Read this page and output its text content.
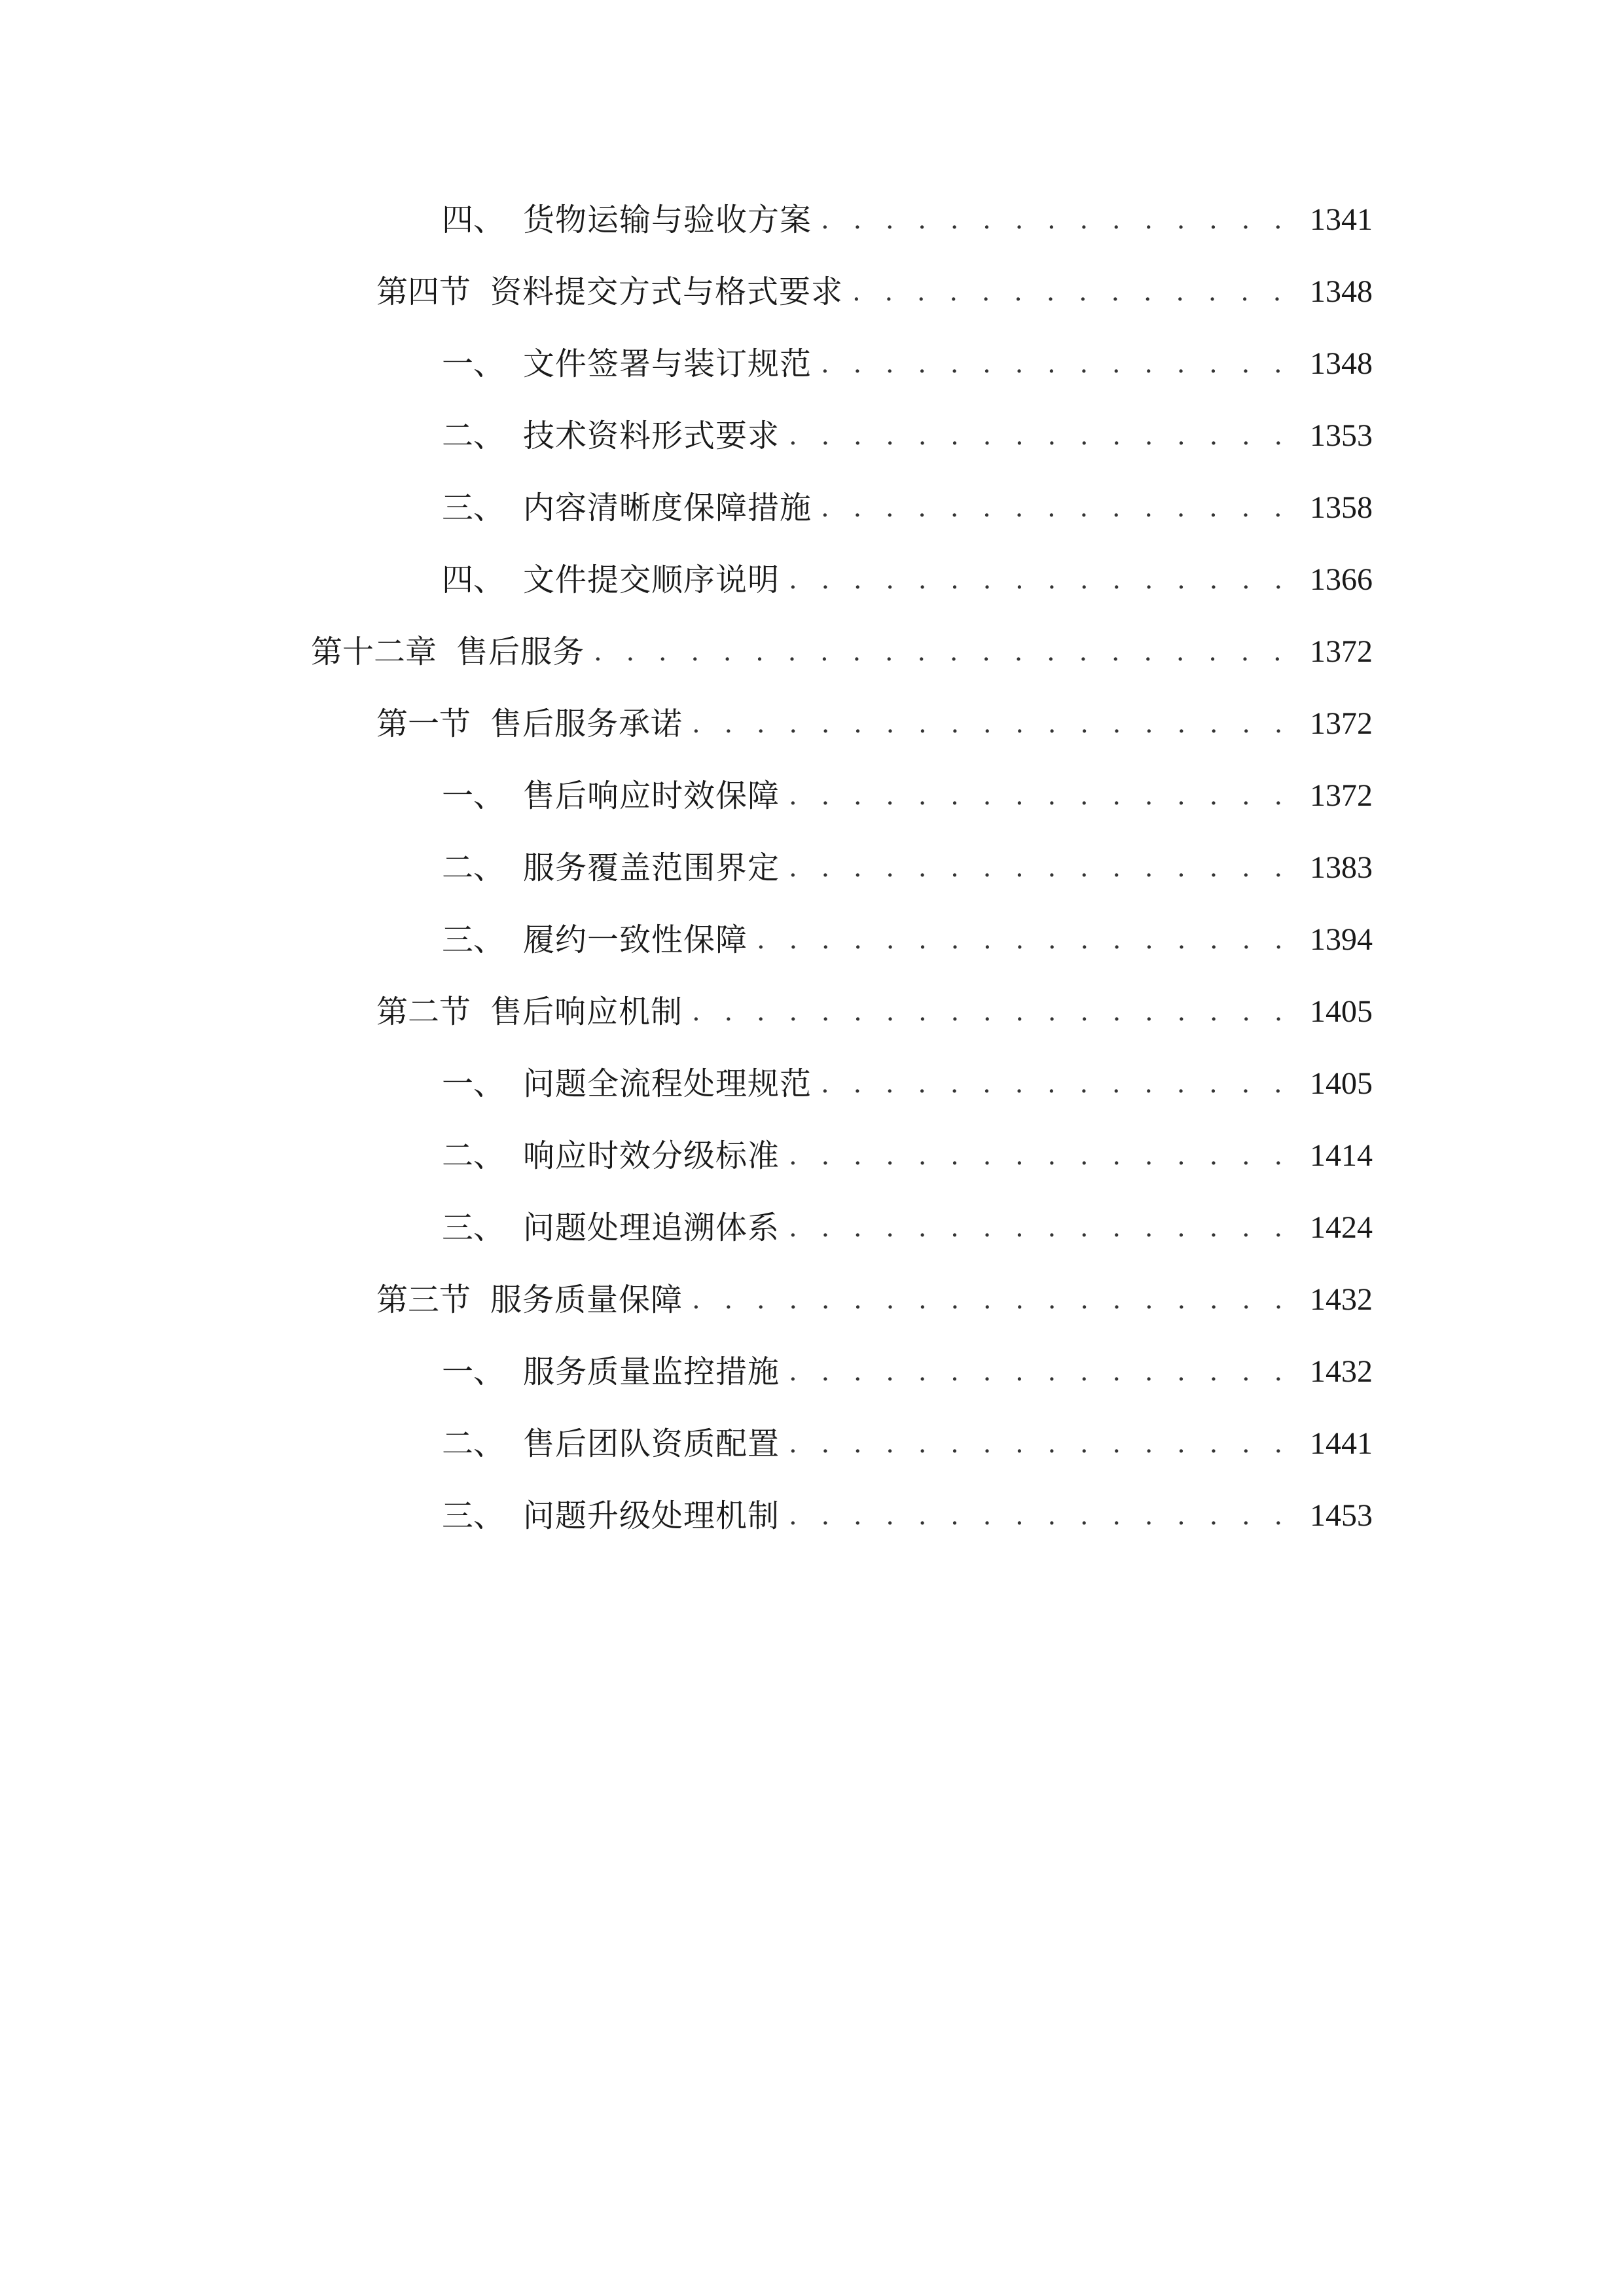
四、 货物运输与验收方案 . . .	1341
第四节 资料提交方式与格式要求 . . .	1348
一、 文件签署与装订规范 . . .	1348
二、 技术资料形式要求 . . .	1353
三、 内容清晰度保障措施 . . .	1358
四、 文件提交顺序说明 . . .	1366
第十二章 售后服务 . . .	1372
第一节 售后服务承诺 . . .	1372
一、 售后响应时效保障 . . .	1372
二、 服务覆盖范围界定 . . .	1383
三、 履约一致性保障 . . .	1394
第二节 售后响应机制 . . .	1405
一、 问题全流程处理规范 . . .	1405
二、 响应时效分级标准 . . .	1414
三、 问题处理追溯体系 . . .	1424
第三节 服务质量保障 . . .	1432
一、 服务质量监控措施 . . .	1432
二、 售后团队资质配置 . . .	1441
三、 问题升级处理机制 . . .	1453
